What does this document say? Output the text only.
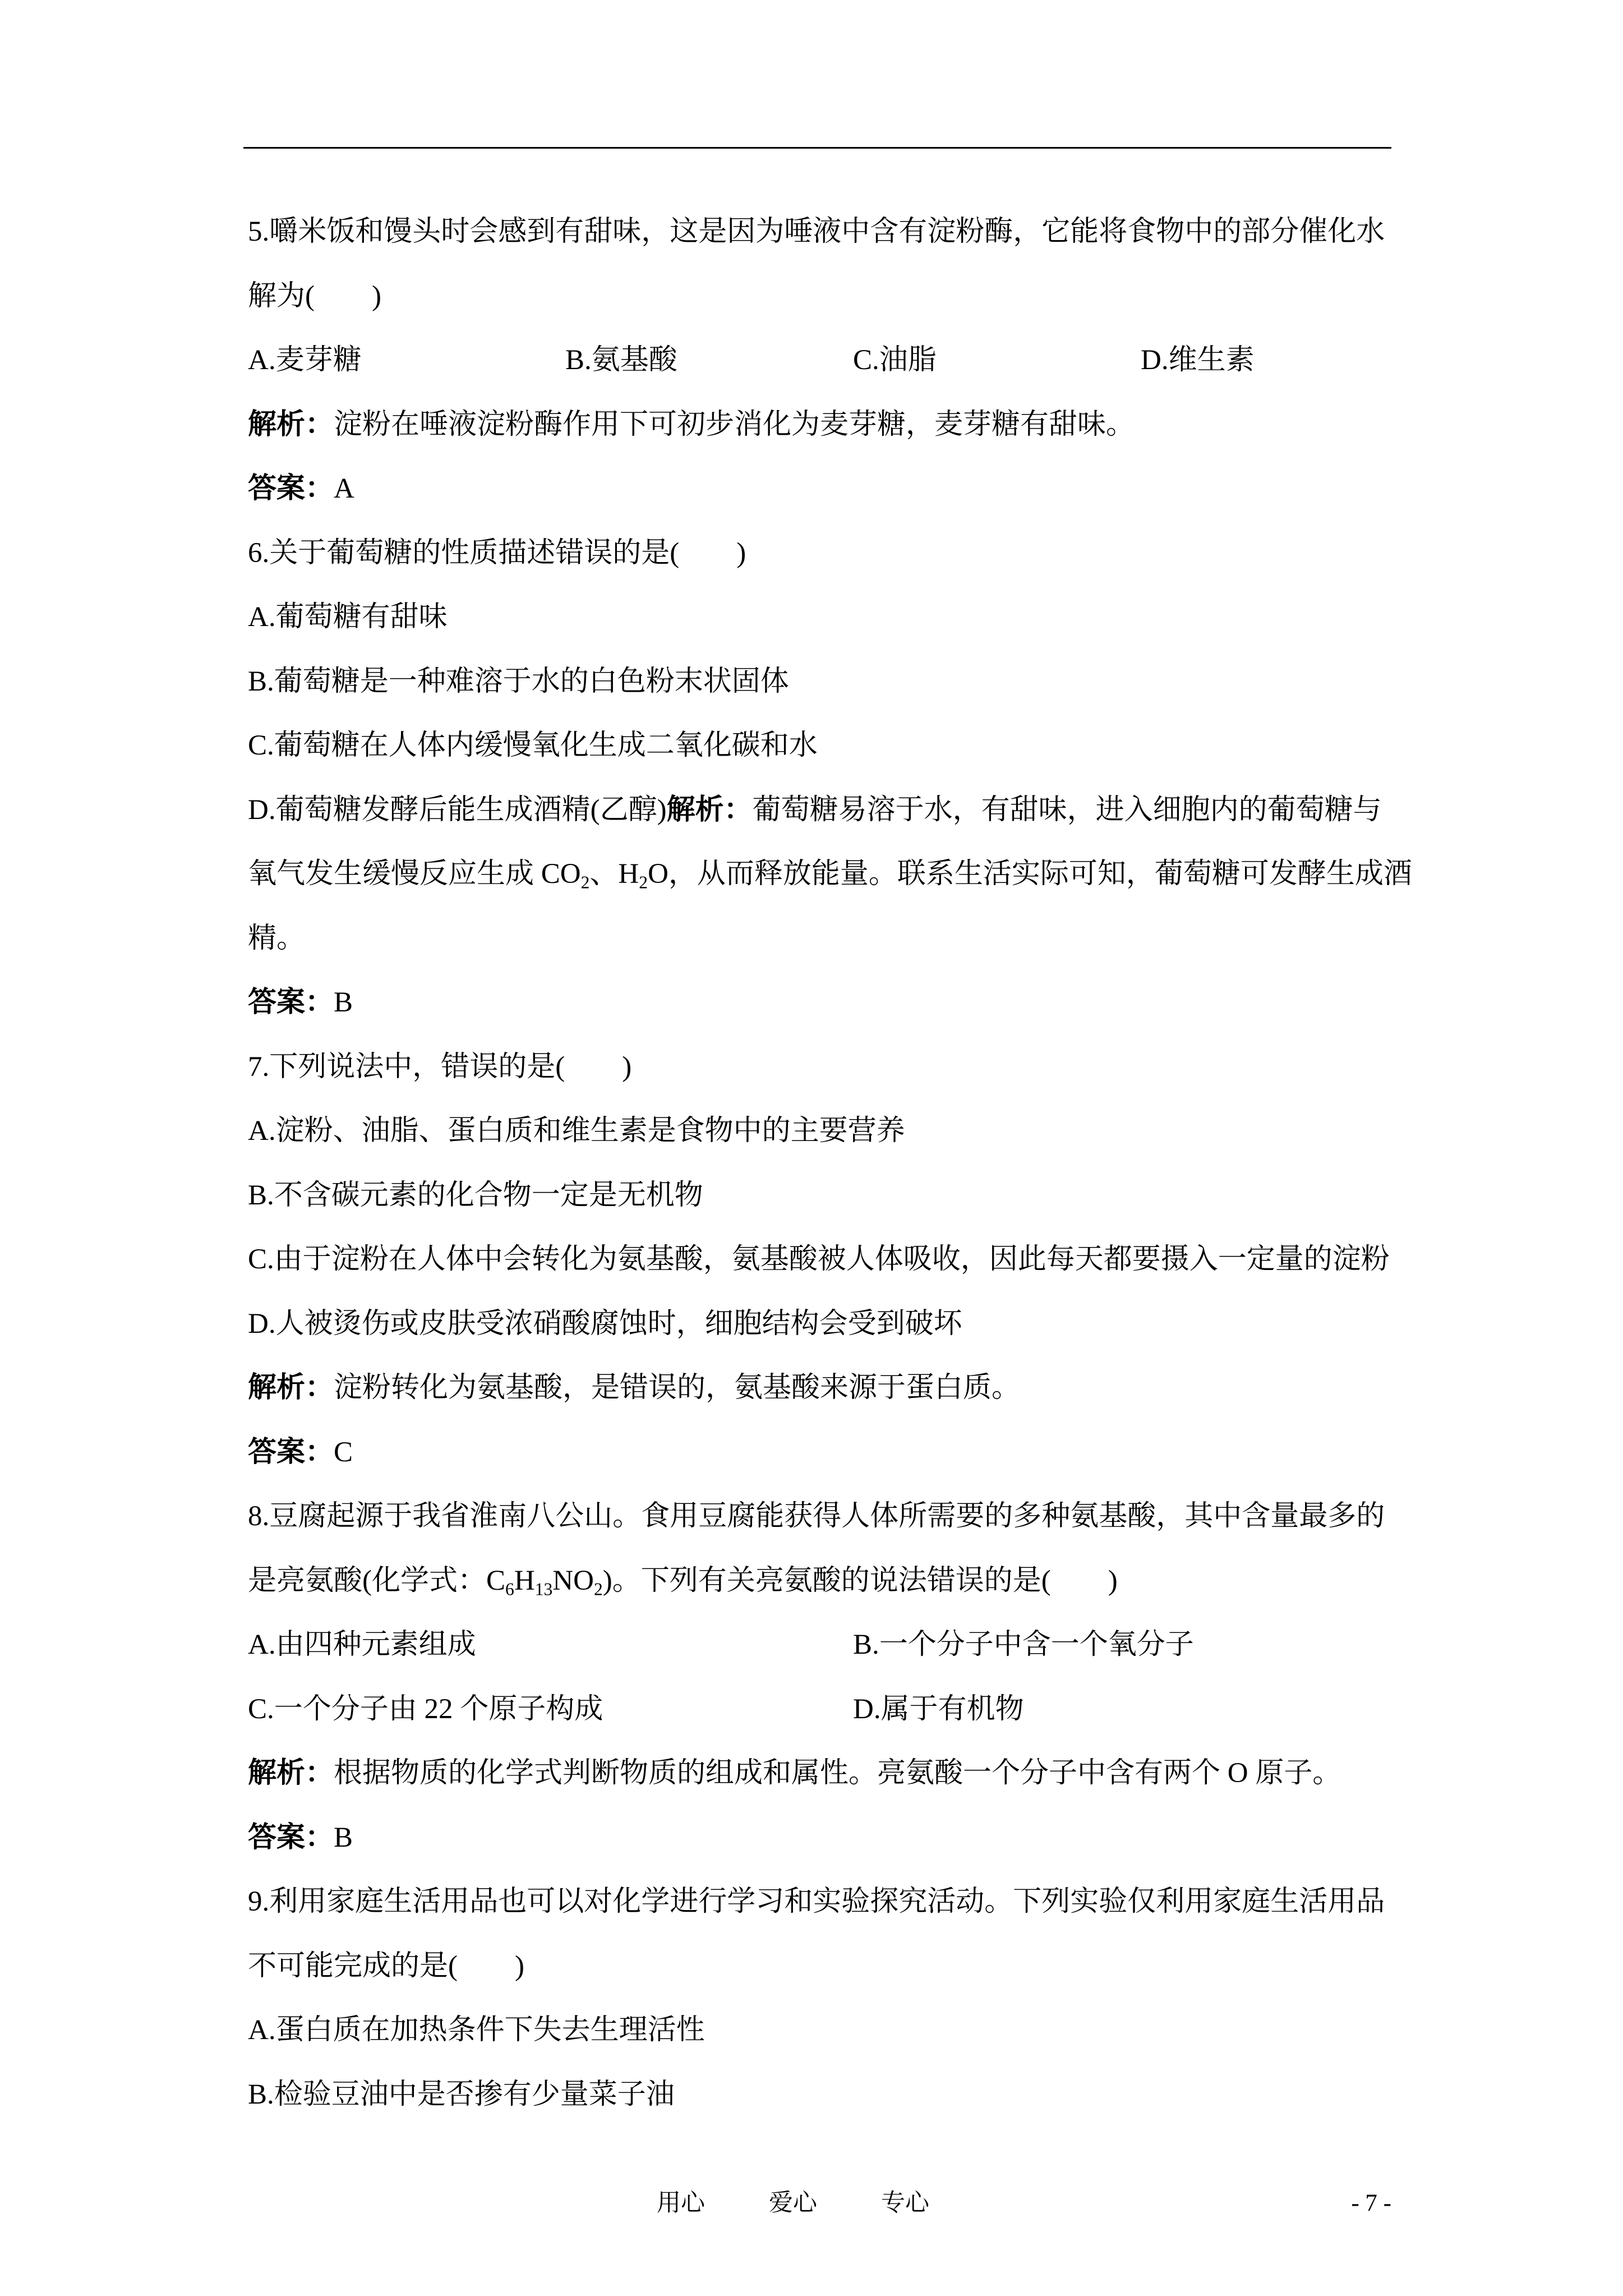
5.嚼米饭和馒头时会感到有甜味，这是因为唾液中含有淀粉酶，它能将食物中的部分催化水
解为(　　)
A.麦芽糖	B.氨基酸	C.油脂	D.维生素
解析：淀粉在唾液淀粉酶作用下可初步消化为麦芽糖，麦芽糖有甜味。
答案：A
6.关于葡萄糖的性质描述错误的是(　　)
A.葡萄糖有甜味
B.葡萄糖是一种难溶于水的白色粉末状固体
C.葡萄糖在人体内缓慢氧化生成二氧化碳和水
D.葡萄糖发酵后能生成酒精(乙醇)解析：葡萄糖易溶于水，有甜味，进入细胞内的葡萄糖与
氧气发生缓慢反应生成 $CO_2$、$H_2O$，从而释放能量。联系生活实际可知，葡萄糖可发酵生成酒
精。
答案：B
7.下列说法中，错误的是(　　)
A.淀粉、油脂、蛋白质和维生素是食物中的主要营养
B.不含碳元素的化合物一定是无机物
C.由于淀粉在人体中会转化为氨基酸，氨基酸被人体吸收，因此每天都要摄入一定量的淀粉
D.人被烫伤或皮肤受浓硝酸腐蚀时，细胞结构会受到破坏
解析：淀粉转化为氨基酸，是错误的，氨基酸来源于蛋白质。
答案：C
8.豆腐起源于我省淮南八公山。食用豆腐能获得人体所需要的多种氨基酸，其中含量最多的
是亮氨酸(化学式：$C_6H_{13}NO_2$)。下列有关亮氨酸的说法错误的是(　　)
A.由四种元素组成	B.一个分子中含一个氧分子
C.一个分子由 22 个原子构成	D.属于有机物
解析：根据物质的化学式判断物质的组成和属性。亮氨酸一个分子中含有两个 O 原子。
答案：B
9.利用家庭生活用品也可以对化学进行学习和实验探究活动。下列实验仅利用家庭生活用品
不可能完成的是(　　)
A.蛋白质在加热条件下失去生理活性
B.检验豆油中是否掺有少量菜子油
用心	爱心	专心	- 7 -
